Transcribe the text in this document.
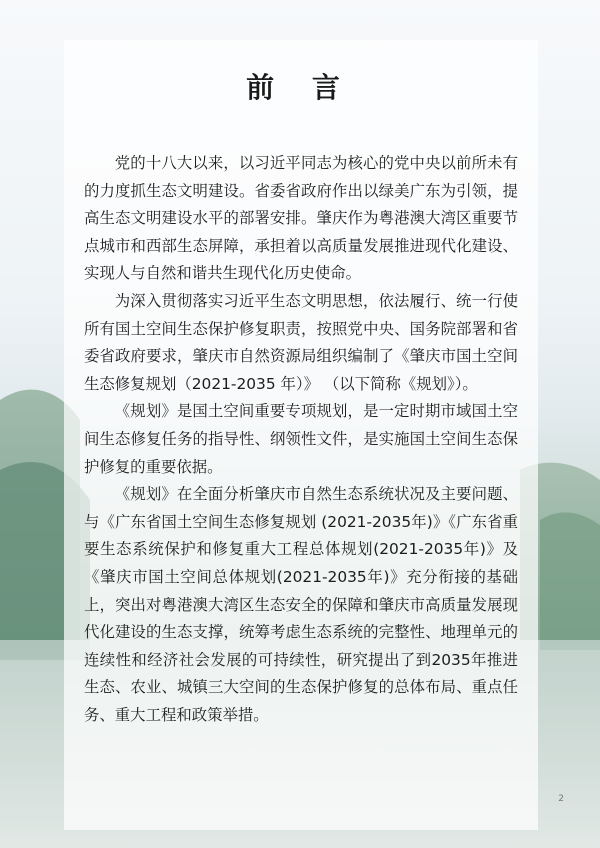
前 言

党的十八大以来，以习近平同志为核心的党中央以前所未有的力度抓生态文明建设。省委省政府作出以绿美广东为引领，提高生态文明建设水平的部署安排。肇庆作为粤港澳大湾区重要节点城市和西部生态屏障，承担着以高质量发展推进现代化建设、实现人与自然和谐共生现代化历史使命。

为深入贯彻落实习近平生态文明思想，依法履行、统一行使所有国土空间生态保护修复职责，按照党中央、国务院部署和省委省政府要求，肇庆市自然资源局组织编制了《肇庆市国土空间生态修复规划（2021-2035 年）》 （以下简称《规划》）。

《规划》是国土空间重要专项规划，是一定时期市域国土空间生态修复任务的指导性、纲领性文件，是实施国土空间生态保护修复的重要依据。

《规划》在全面分析肇庆市自然生态系统状况及主要问题、与《广东省国土空间生态修复规划 (2021-2035年)》《广东省重要生态系统保护和修复重大工程总体规划(2021-2035年)》及《肇庆市国土空间总体规划(2021-2035年)》充分衔接的基础上，突出对粤港澳大湾区生态安全的保障和肇庆市高质量发展现代化建设的生态支撑，统筹考虑生态系统的完整性、地理单元的连续性和经济社会发展的可持续性，研究提出了到2035年推进生态、农业、城镇三大空间的生态保护修复的总体布局、重点任务、重大工程和政策举措。

2
